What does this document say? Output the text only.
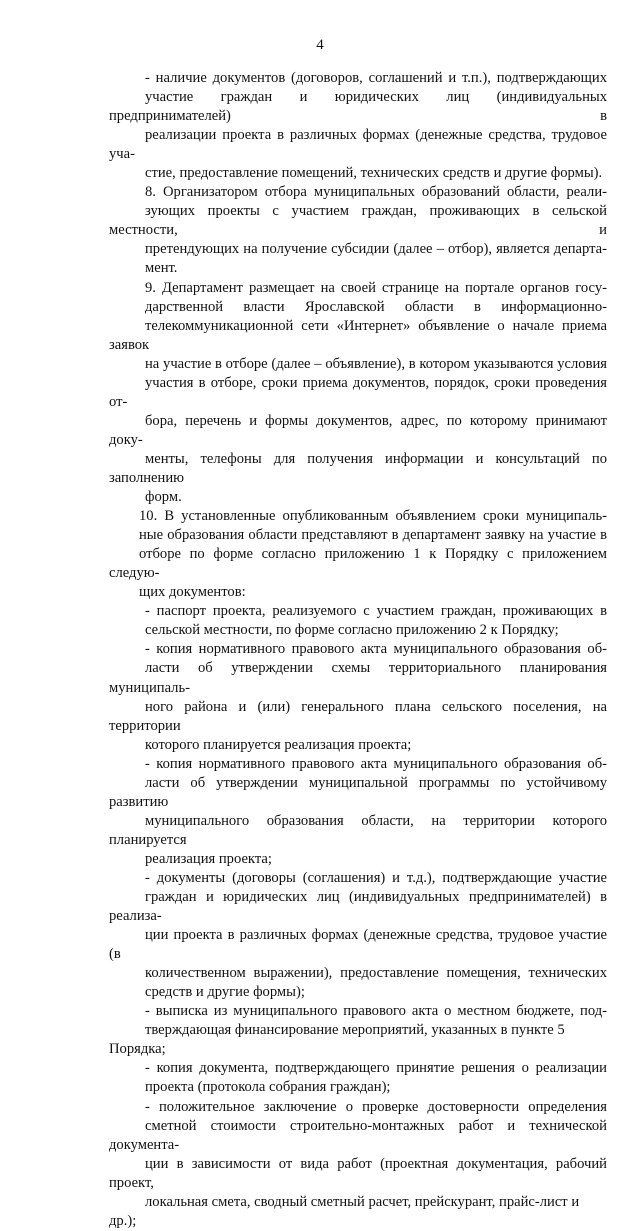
4

- наличие документов (договоров, соглашений и т.п.), подтверждающих
участие граждан и юридических лиц (индивидуальных предпринимателей) в
реализации проекта в различных формах (денежные средства, трудовое уча-
стие, предоставление помещений, технических средств и другие формы).

8. Организатором отбора муниципальных образований области, реали-
зующих проекты с участием граждан, проживающих в сельской местности, и
претендующих на получение субсидии (далее – отбор), является департа-
мент.

9. Департамент размещает на своей странице на портале органов госу-
дарственной власти Ярославской области в информационно-
телекоммуникационной сети «Интернет» объявление о начале приема заявок
на участие в отборе (далее – объявление), в котором указываются условия
участия в отборе, сроки приема документов, порядок, сроки проведения от-
бора, перечень и формы документов, адрес, по которому принимают доку-
менты, телефоны для получения информации и консультаций по заполнению
форм.

10. В установленные опубликованным объявлением сроки муниципаль-
ные образования области представляют в департамент заявку на участие в
отборе по форме согласно приложению 1 к Порядку с приложением следую-
щих документов:

- паспорт проекта, реализуемого с участием граждан, проживающих в
сельской местности, по форме согласно приложению 2 к Порядку;

- копия нормативного правового акта муниципального образования об-
ласти об утверждении схемы территориального планирования муниципаль-
ного района и (или) генерального плана сельского поселения, на территории
которого планируется реализация проекта;

- копия нормативного правового акта муниципального образования об-
ласти об утверждении муниципальной программы по устойчивому развитию
муниципального образования области, на территории которого планируется
реализация проекта;

- документы (договоры (соглашения) и т.д.), подтверждающие участие
граждан и юридических лиц (индивидуальных предпринимателей) в реализа-
ции проекта в различных формах (денежные средства, трудовое участие (в
количественном выражении), предоставление помещения, технических
средств и другие формы);

- выписка из муниципального правового акта о местном бюджете, под-
тверждающая финансирование мероприятий, указанных в пункте 5 Порядка;

- копия документа, подтверждающего принятие решения о реализации
проекта (протокола собрания граждан);

- положительное заключение о проверке достоверности определения
сметной стоимости строительно-монтажных работ и технической документа-
ции в зависимости от вида работ (проектная документация, рабочий проект,
локальная смета, сводный сметный расчет, прейскурант, прайс-лист и др.);
